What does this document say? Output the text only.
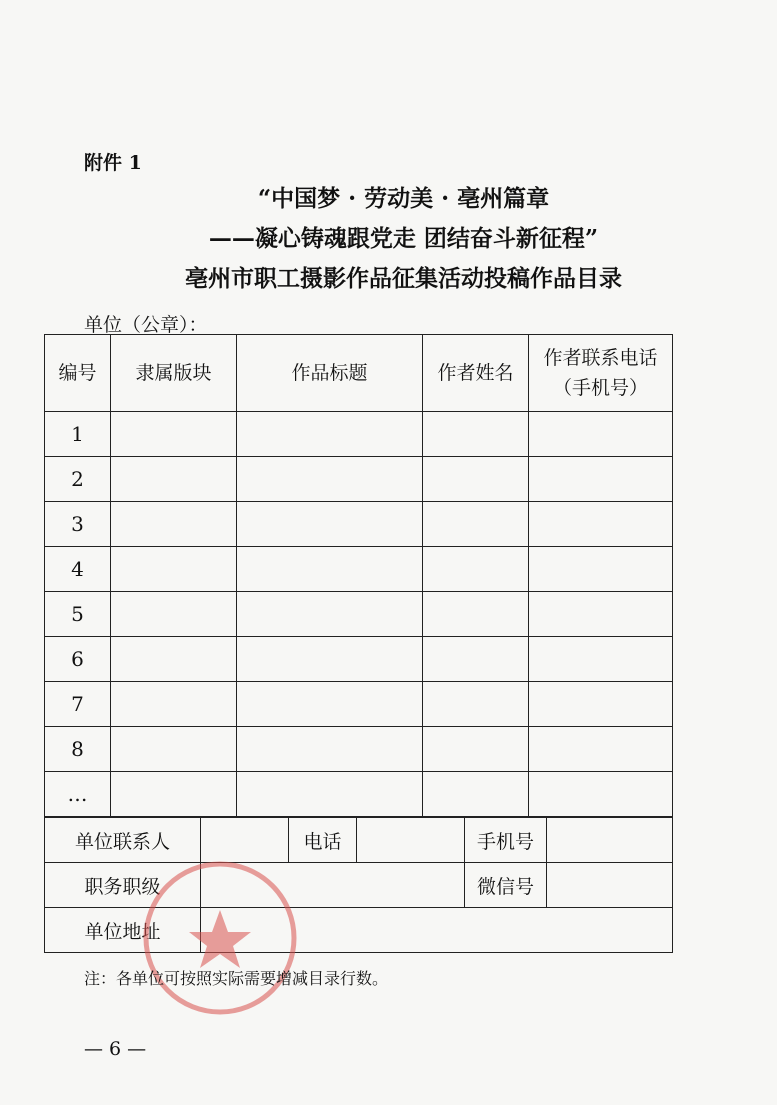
附件 1
“中国梦 · 劳动美 · 亳州篇章
——凝心铸魂跟党走 团结奋斗新征程”
亳州市职工摄影作品征集活动投稿作品目录
单位（公章）：
编号	隶属版块	作品标题	作者姓名	作者联系电话
（手机号）

1				
2				
3				
4				
5				
6				
7				
8				
…				
单位联系人		电话		手机号	
职务职级				微信号	
单位地址					
注：各单位可按照实际需要增减目录行数。
— 6 —
